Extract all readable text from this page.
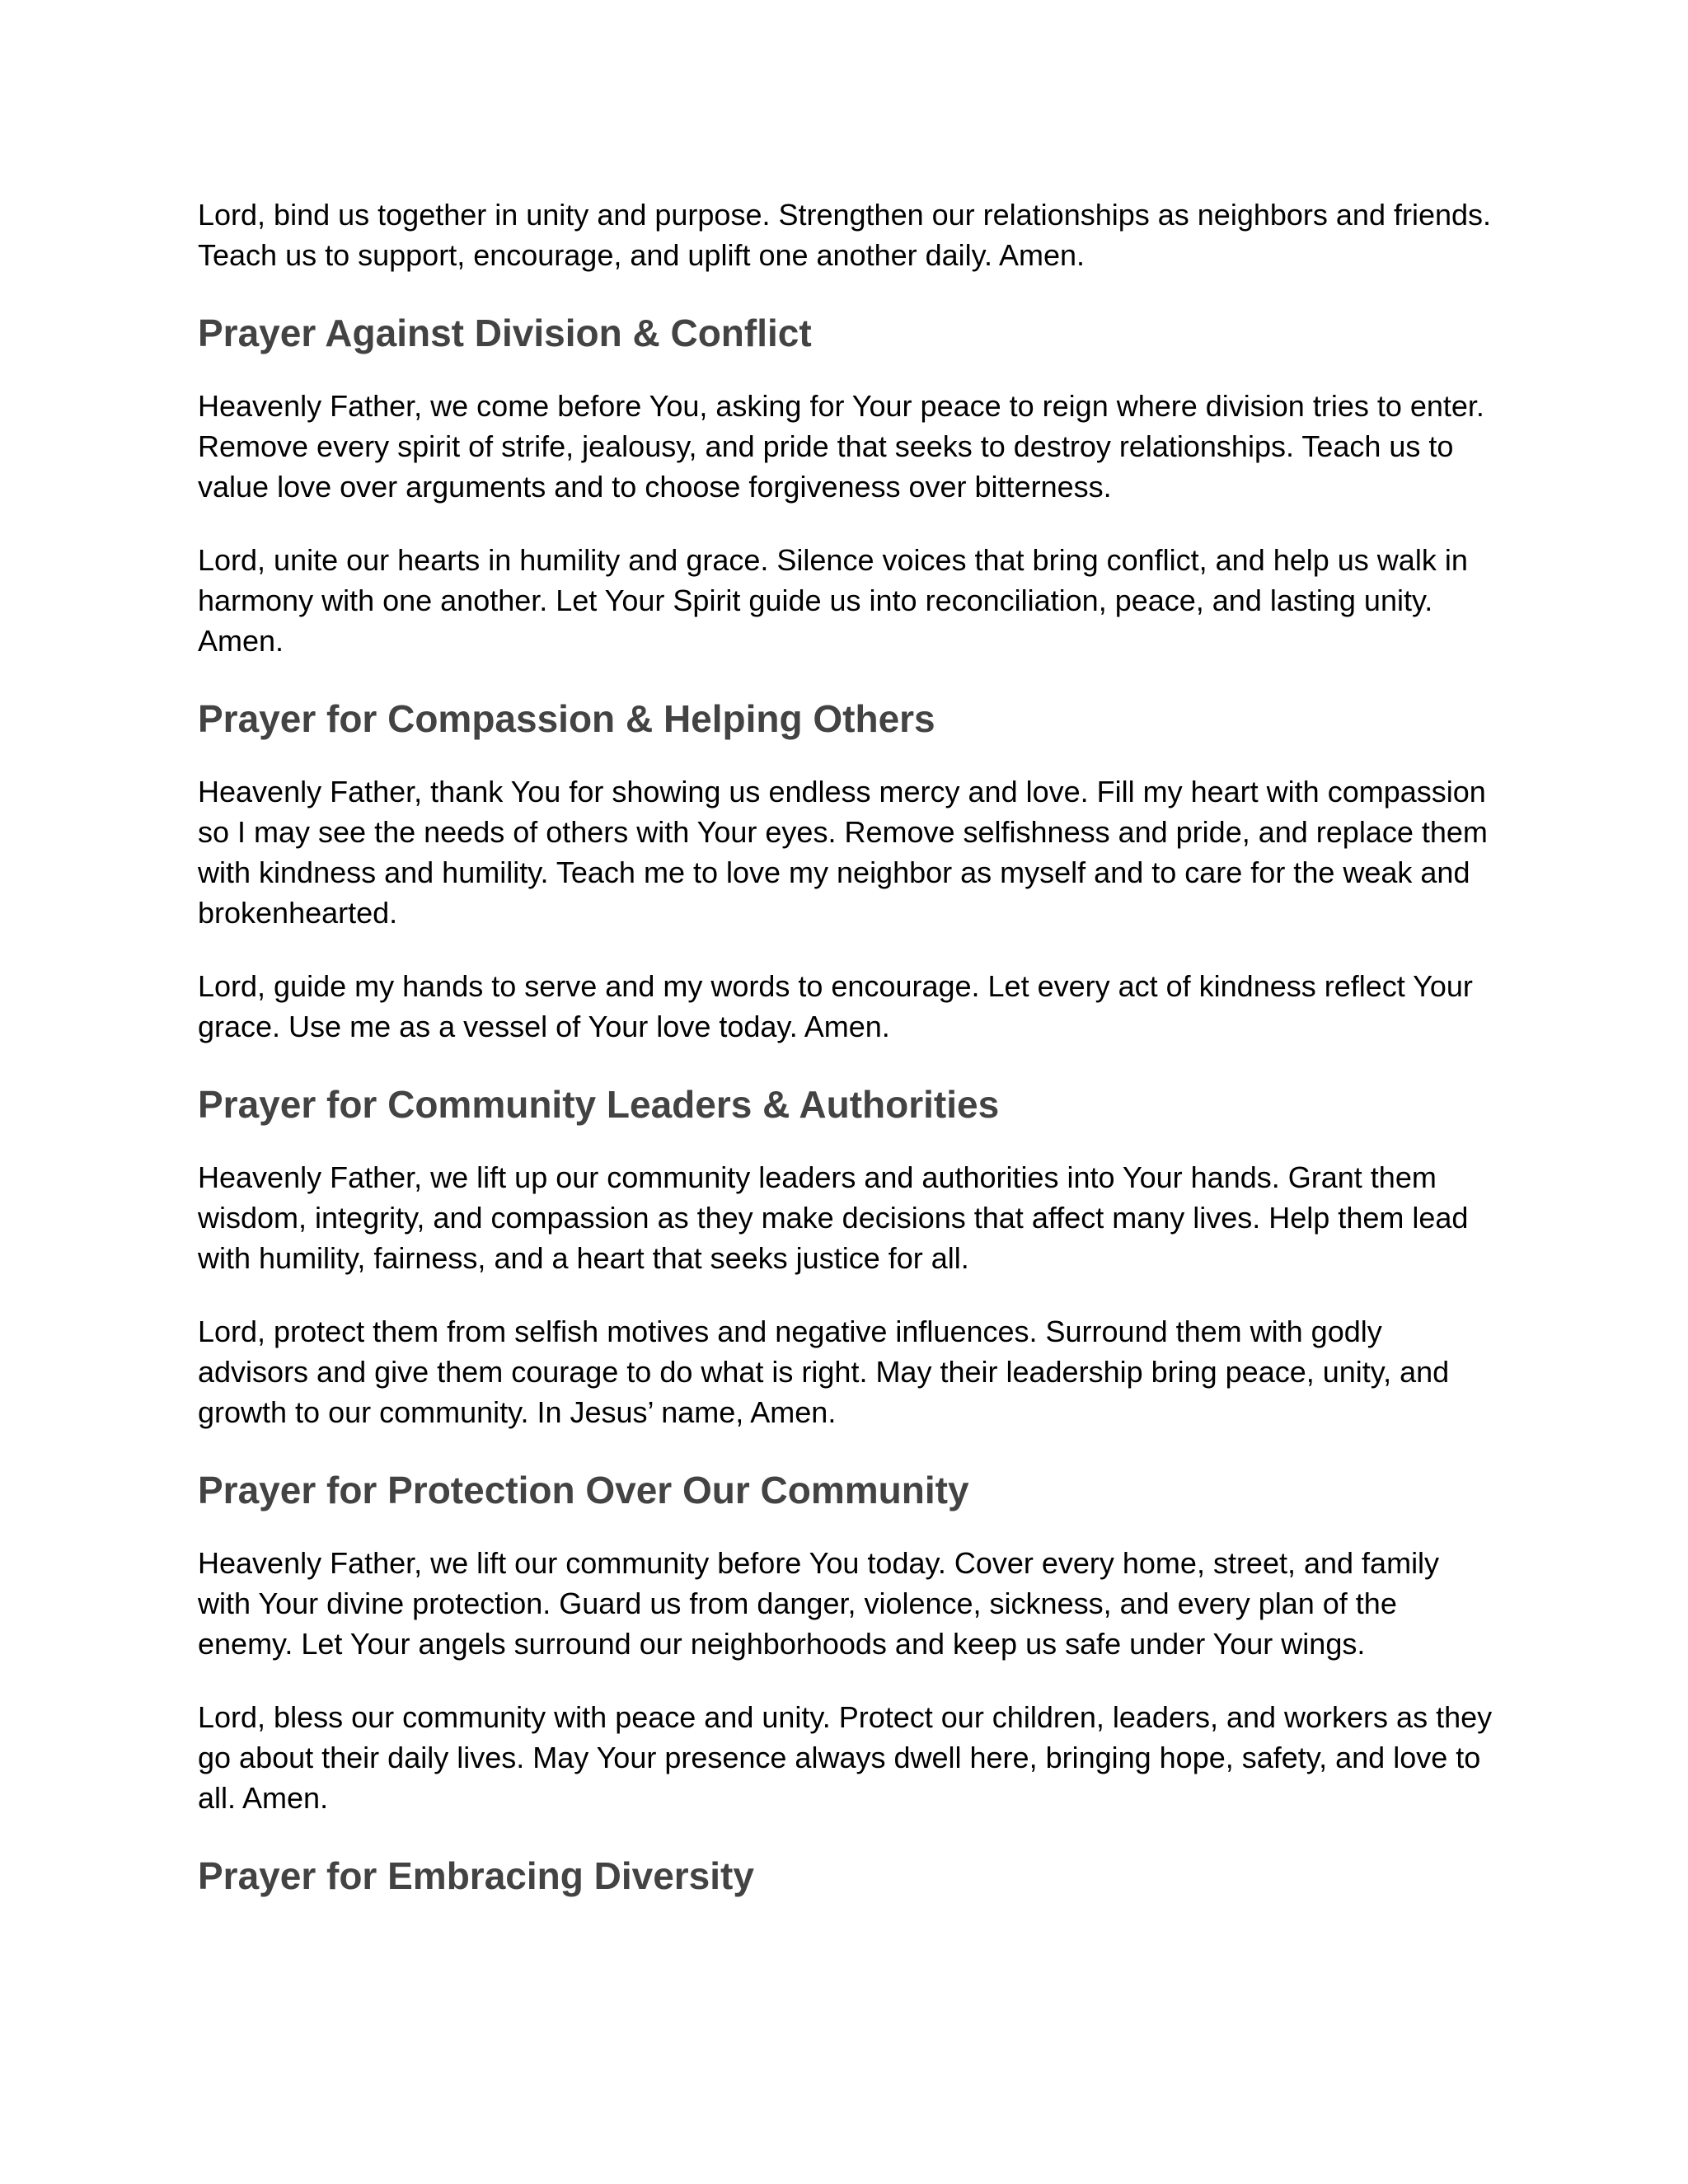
Lord, bind us together in unity and purpose. Strengthen our relationships as neighbors and friends. Teach us to support, encourage, and uplift one another daily. Amen.

Prayer Against Division & Conflict

Heavenly Father, we come before You, asking for Your peace to reign where division tries to enter. Remove every spirit of strife, jealousy, and pride that seeks to destroy relationships. Teach us to value love over arguments and to choose forgiveness over bitterness.

Lord, unite our hearts in humility and grace. Silence voices that bring conflict, and help us walk in harmony with one another. Let Your Spirit guide us into reconciliation, peace, and lasting unity. Amen.

Prayer for Compassion & Helping Others

Heavenly Father, thank You for showing us endless mercy and love. Fill my heart with compassion so I may see the needs of others with Your eyes. Remove selfishness and pride, and replace them with kindness and humility. Teach me to love my neighbor as myself and to care for the weak and brokenhearted.

Lord, guide my hands to serve and my words to encourage. Let every act of kindness reflect Your grace. Use me as a vessel of Your love today. Amen.

Prayer for Community Leaders & Authorities

Heavenly Father, we lift up our community leaders and authorities into Your hands. Grant them wisdom, integrity, and compassion as they make decisions that affect many lives. Help them lead with humility, fairness, and a heart that seeks justice for all.

Lord, protect them from selfish motives and negative influences. Surround them with godly advisors and give them courage to do what is right. May their leadership bring peace, unity, and growth to our community. In Jesus’ name, Amen.

Prayer for Protection Over Our Community

Heavenly Father, we lift our community before You today. Cover every home, street, and family with Your divine protection. Guard us from danger, violence, sickness, and every plan of the enemy. Let Your angels surround our neighborhoods and keep us safe under Your wings.

Lord, bless our community with peace and unity. Protect our children, leaders, and workers as they go about their daily lives. May Your presence always dwell here, bringing hope, safety, and love to all. Amen.

Prayer for Embracing Diversity
